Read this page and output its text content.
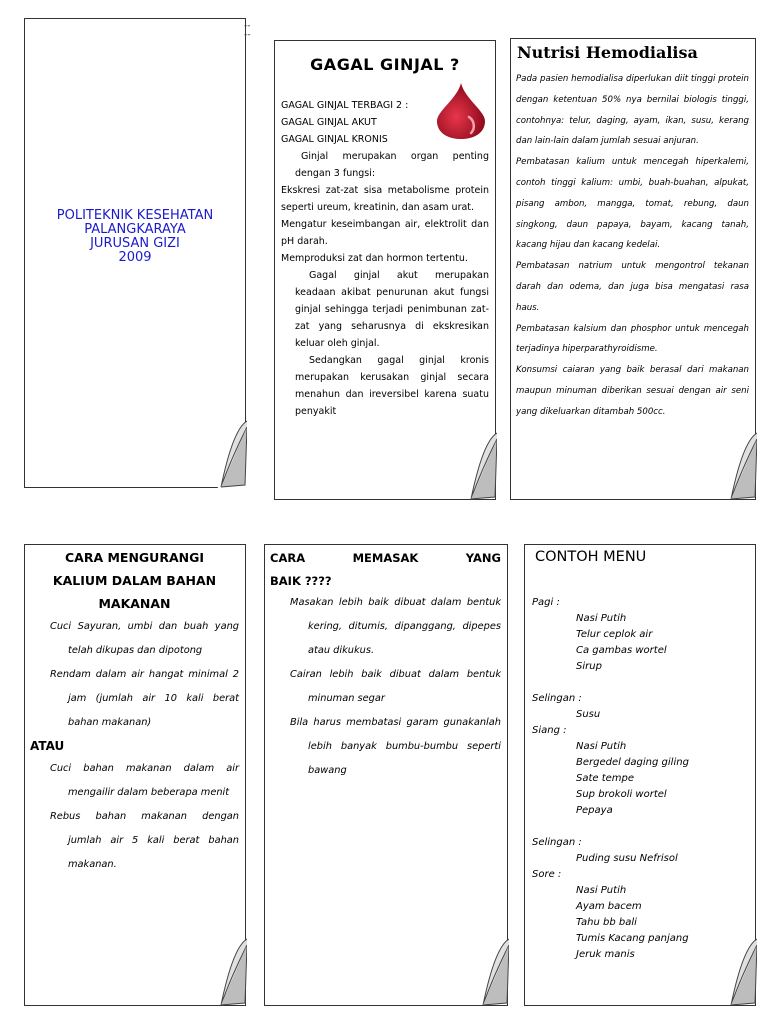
POLITEKNIK KESEHATAN
PALANGKARAYA
JURUSAN GIZI
2009
--
--
GAGAL GINJAL ?

GAGAL GINJAL TERBAGI 2 :

GAGAL GINJAL AKUT

GAGAL GINJAL KRONIS

Ginjal merupakan organ penting dengan 3 fungsi:

Ekskresi zat-zat sisa metabolisme protein seperti ureum, kreatinin, dan asam urat.

Mengatur keseimbangan air, elektrolit dan pH darah.

Memproduksi zat dan hormon tertentu.

Gagal ginjal akut merupakan keadaan akibat penurunan akut fungsi ginjal sehingga terjadi penimbunan zat-zat yang seharusnya di ekskresikan keluar oleh ginjal.

Sedangkan gagal ginjal kronis merupakan kerusakan ginjal secara menahun dan ireversibel karena suatu penyakit

Nutrisi Hemodialisa

Pada pasien hemodialisa diperlukan diit tinggi protein dengan ketentuan 50% nya bernilai biologis tinggi, contohnya: telur, daging, ayam, ikan, susu, kerang dan lain-lain dalam jumlah sesuai anjuran.

Pembatasan kalium untuk mencegah hiperkalemi, contoh tinggi kalium: umbi, buah-buahan, alpukat, pisang ambon, mangga, tomat, rebung, daun singkong, daun papaya, bayam, kacang tanah, kacang hijau dan kacang kedelai.

Pembatasan natrium untuk mengontrol tekanan darah dan odema, dan juga bisa mengatasi rasa haus.

Pembatasan kalsium dan phosphor untuk mencegah terjadinya hiperparathyroidisme.

Konsumsi caiaran yang baik berasal dari makanan maupun minuman diberikan sesuai dengan air seni yang dikeluarkan ditambah 500cc.

CARA MENGURANGI
KALIUM DALAM BAHAN
MAKANAN
Cuci Sayuran, umbi dan buah yang telah dikupas dan dipotong
Rendam dalam air hangat minimal 2 jam (jumlah air 10 kali berat bahan makanan)
ATAU
Cuci bahan makanan dalam air mengailir dalam beberapa menit
Rebus bahan makanan dengan jumlah air 5 kali berat bahan makanan.
CARA MEMASAK YANG
BAIK ????
Masakan lebih baik dibuat dalam bentuk kering, ditumis, dipanggang, dipepes atau dikukus.
Cairan lebih baik dibuat dalam bentuk minuman segar
Bila harus membatasi garam gunakanlah lebih banyak bumbu-bumbu seperti bawang
CONTOH MENU
Pagi :
Nasi Putih
Telur ceplok air
Ca gambas wortel
Sirup
Selingan :
Susu
Siang :
Nasi Putih
Bergedel daging giling
Sate tempe
Sup brokoli wortel
Pepaya
Selingan :
Puding susu Nefrisol
Sore :
Nasi Putih
Ayam bacem
Tahu bb bali
Tumis Kacang panjang
Jeruk manis
